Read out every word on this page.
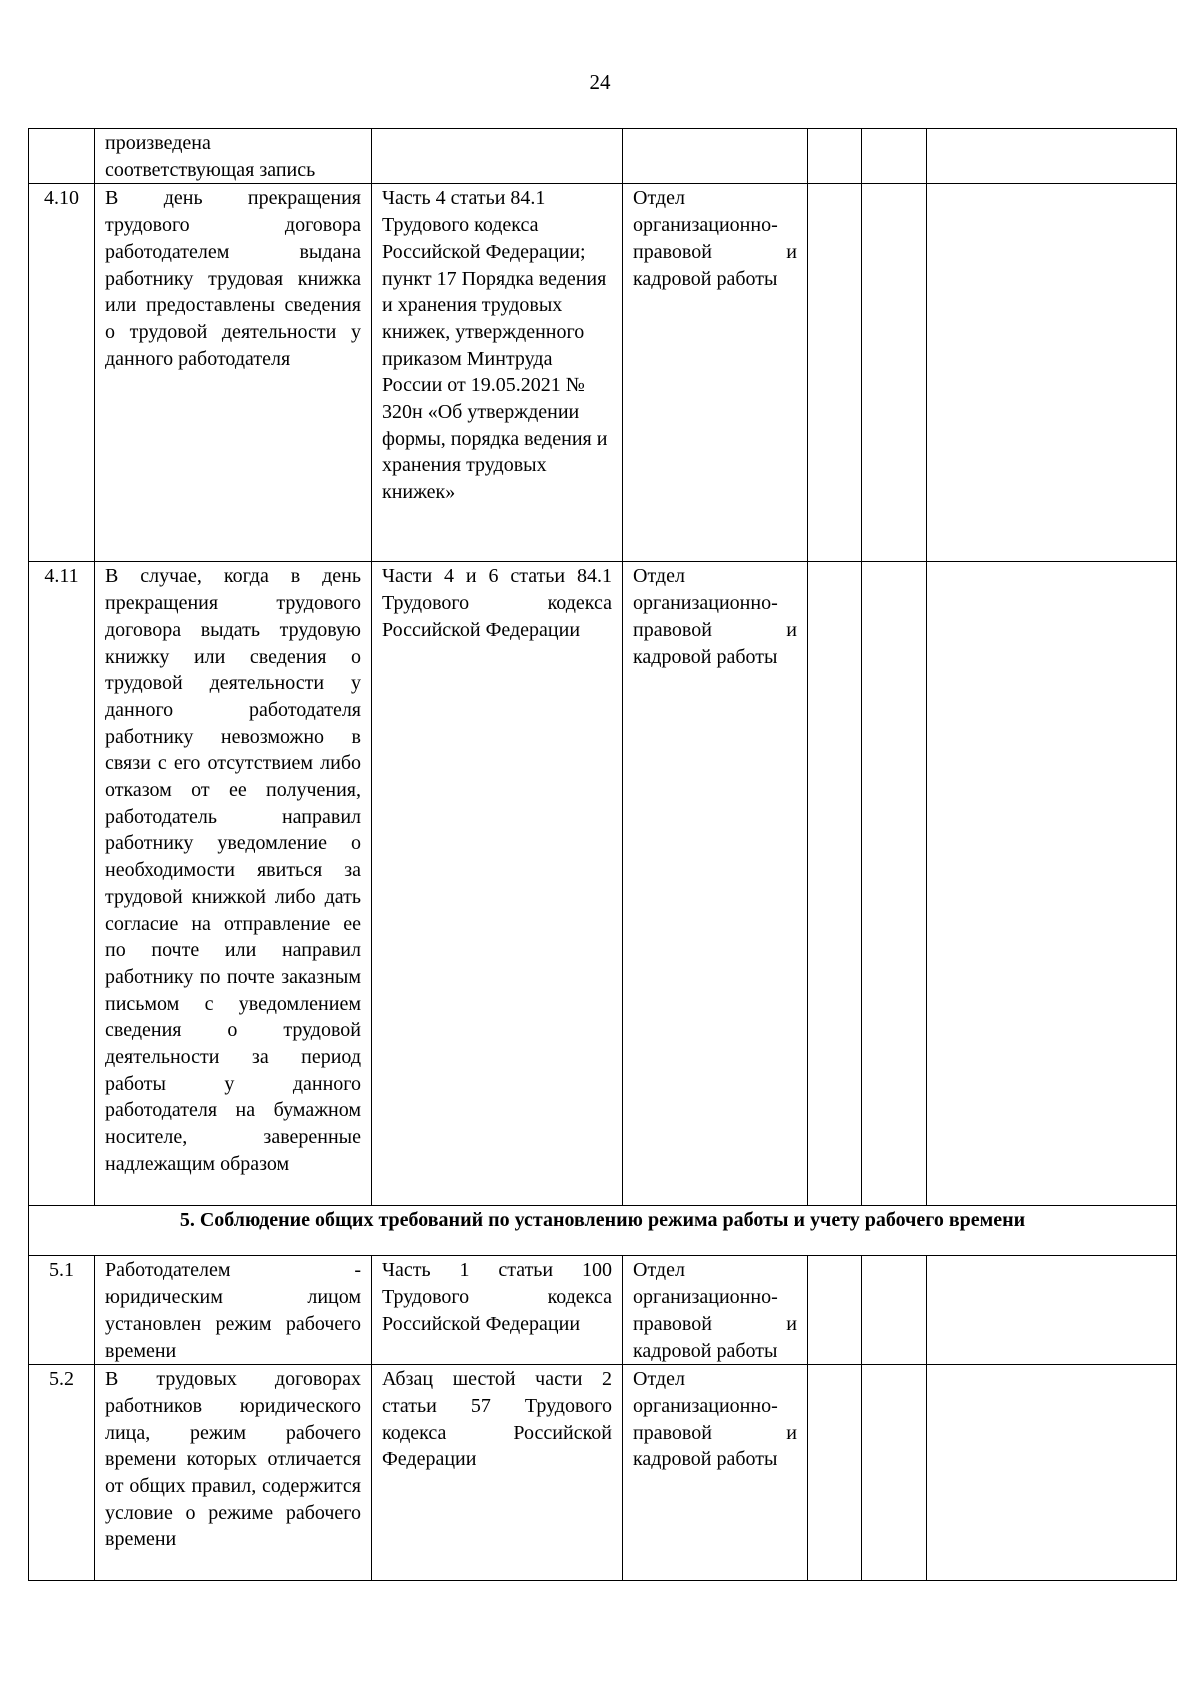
24
	произведена соответствующая запись					
4.10	В день прекращения трудового договора работодателем выдана работнику трудовая книжка или предоставлены сведения о трудовой деятельности у данного работодателя	Часть 4 статьи 84.1 Трудового кодекса Российской Федерации; пункт 17 Порядка ведения и хранения трудовых книжек, утвержденного приказом Минтруда России от 19.05.2021 № 320н «Об утверждении формы, порядка ведения и хранения трудовых книжек»	Отдел организационно-правовой и кадровой работы			
4.11	В случае, когда в день прекращения трудового договора выдать трудовую книжку или сведения о трудовой деятельности у данного работодателя работнику невозможно в связи с его отсутствием либо отказом от ее получения, работодатель направил работнику уведомление о необходимости явиться за трудовой книжкой либо дать согласие на отправление ее по почте или направил работнику по почте заказным письмом с уведомлением сведения о трудовой деятельности за период работы у данного работодателя на бумажном носителе, заверенные надлежащим образом	Части 4 и 6 статьи 84.1 Трудового кодекса Российской Федерации	Отдел организационно-правовой и кадровой работы			
5. Соблюдение общих требований по установлению режима работы и учету рабочего времени						
5.1	Работодателем - юридическим лицом установлен режим рабочего времени	Часть 1 статьи 100 Трудового кодекса Российской Федерации	Отдел организационно-правовой и кадровой работы			
5.2	В трудовых договорах работников юридического лица, режим рабочего времени которых отличается от общих правил, содержится условие о режиме рабочего времени	Абзац шестой части 2 статьи 57 Трудового кодекса Российской Федерации	Отдел организационно-правовой и кадровой работы			
